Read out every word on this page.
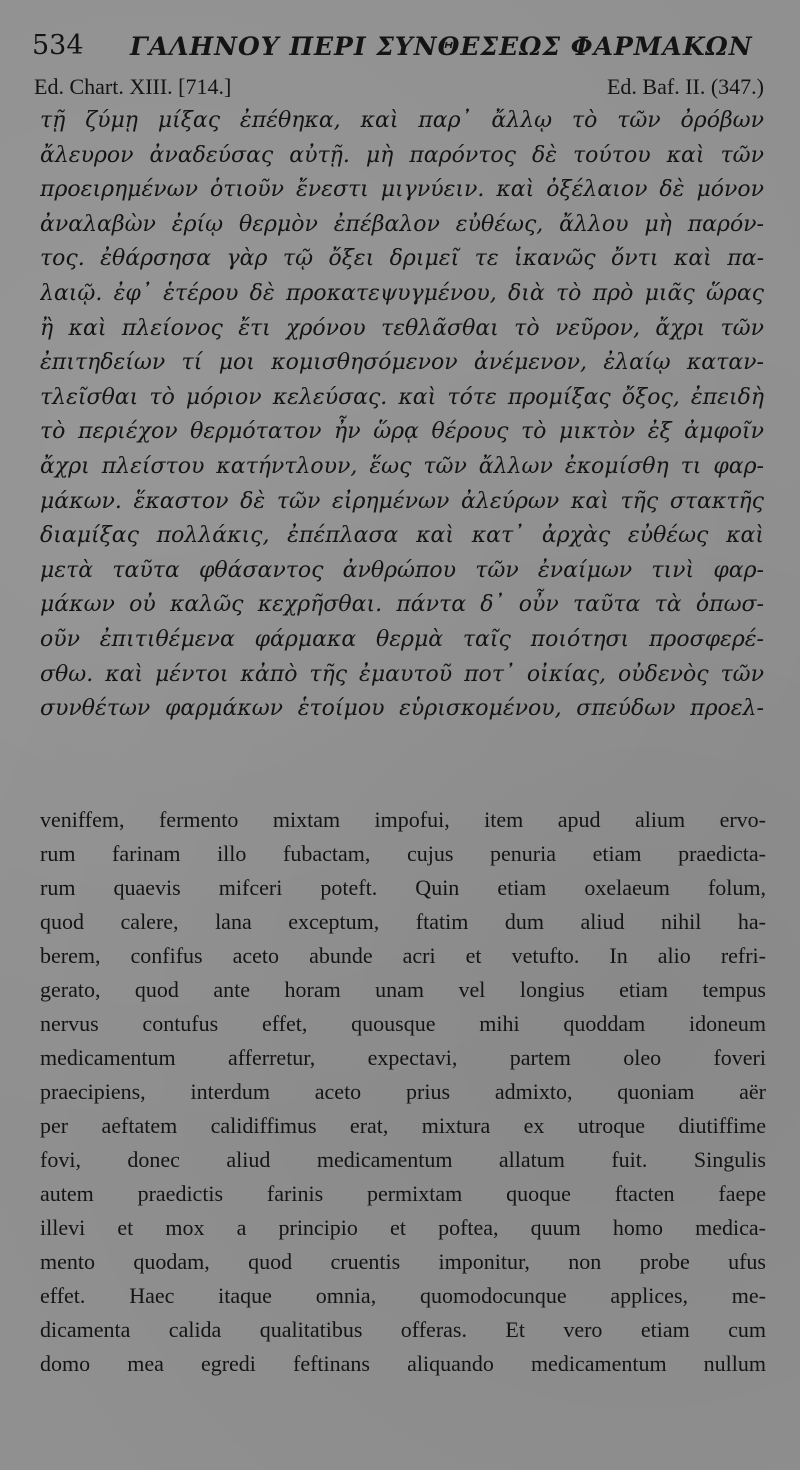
534 ΓΑΛΗΝΟΥ ΠΕΡΙ ΣΥΝΘΕΣΕΩΣ ΦΑΡΜΑΚΩΝ
Ed. Chart. XIII. [714.]	Ed. Baf. II. (347.)
τῇ ζύμῃ μίξας ἐπέθηκα, καὶ παρ᾽ ἄλλῳ τὸ τῶν ὀρόβων
ἄλευρον ἀναδεύσας αὐτῇ. μὴ παρόντος δὲ τούτου καὶ τῶν
προειρημένων ὁτιοῦν ἔνεστι μιγνύειν. καὶ ὀξέλαιον δὲ μόνον
ἀναλαβὼν ἐρίῳ θερμὸν ἐπέβαλον εὐθέως, ἄλλου μὴ παρόν-
τος. ἐθάρσησα γὰρ τῷ ὄξει δριμεῖ τε ἱκανῶς ὄντι καὶ πα-
λαιῷ. ἐφ᾽ ἑτέρου δὲ προκατεψυγμένου, διὰ τὸ πρὸ μιᾶς ὥρας
ἢ καὶ πλείονος ἔτι χρόνου τεθλᾶσθαι τὸ νεῦρον, ἄχρι τῶν
ἐπιτηδείων τί μοι κομισθησόμενον ἀνέμενον, ἐλαίῳ καταν-
τλεῖσθαι τὸ μόριον κελεύσας. καὶ τότε προμίξας ὄξος, ἐπειδὴ
τὸ περιέχον θερμότατον ἦν ὥρᾳ θέρους τὸ μικτὸν ἐξ ἀμφοῖν
ἄχρι πλείστου κατήντλουν, ἕως τῶν ἄλλων ἐκομίσθη τι φαρ-
μάκων. ἕκαστον δὲ τῶν εἰρημένων ἀλεύρων καὶ τῆς στακτῆς
διαμίξας πολλάκις, ἐπέπλασα καὶ κατ᾽ ἀρχὰς εὐθέως καὶ
μετὰ ταῦτα φθάσαντος ἀνθρώπου τῶν ἐναίμων τινὶ φαρ-
μάκων οὐ καλῶς κεχρῆσθαι. πάντα δ᾽ οὖν ταῦτα τὰ ὁπωσ-
οῦν ἐπιτιθέμενα φάρμακα θερμὰ ταῖς ποιότησι προσφερέ-
σθω. καὶ μέντοι κἀπὸ τῆς ἐμαυτοῦ ποτ᾽ οἰκίας, οὐδενὸς τῶν
συνθέτων φαρμάκων ἑτοίμου εὑρισκομένου, σπεύδων προελ-
veniffem, fermento mixtam impofui, item apud alium ervo-
rum farinam illo fubactam, cujus penuria etiam praedicta-
rum quaevis mifceri poteft. Quin etiam oxelaeum folum,
quod calere, lana exceptum, ftatim dum aliud nihil ha-
berem, confifus aceto abunde acri et vetufto. In alio refri-
gerato, quod ante horam unam vel longius etiam tempus
nervus contufus effet, quousque mihi quoddam idoneum
medicamentum afferretur, expectavi, partem oleo foveri
praecipiens, interdum aceto prius admixto, quoniam aër
per aeftatem calidiffimus erat, mixtura ex utroque diutiffime
fovi, donec aliud medicamentum allatum fuit. Singulis
autem praedictis farinis permixtam quoque ftacten faepe
illevi et mox a principio et poftea, quum homo medica-
mento quodam, quod cruentis imponitur, non probe ufus
effet. Haec itaque omnia, quomodocunque applices, me-
dicamenta calida qualitatibus offeras. Et vero etiam cum
domo mea egredi feftinans aliquando medicamentum nullum
